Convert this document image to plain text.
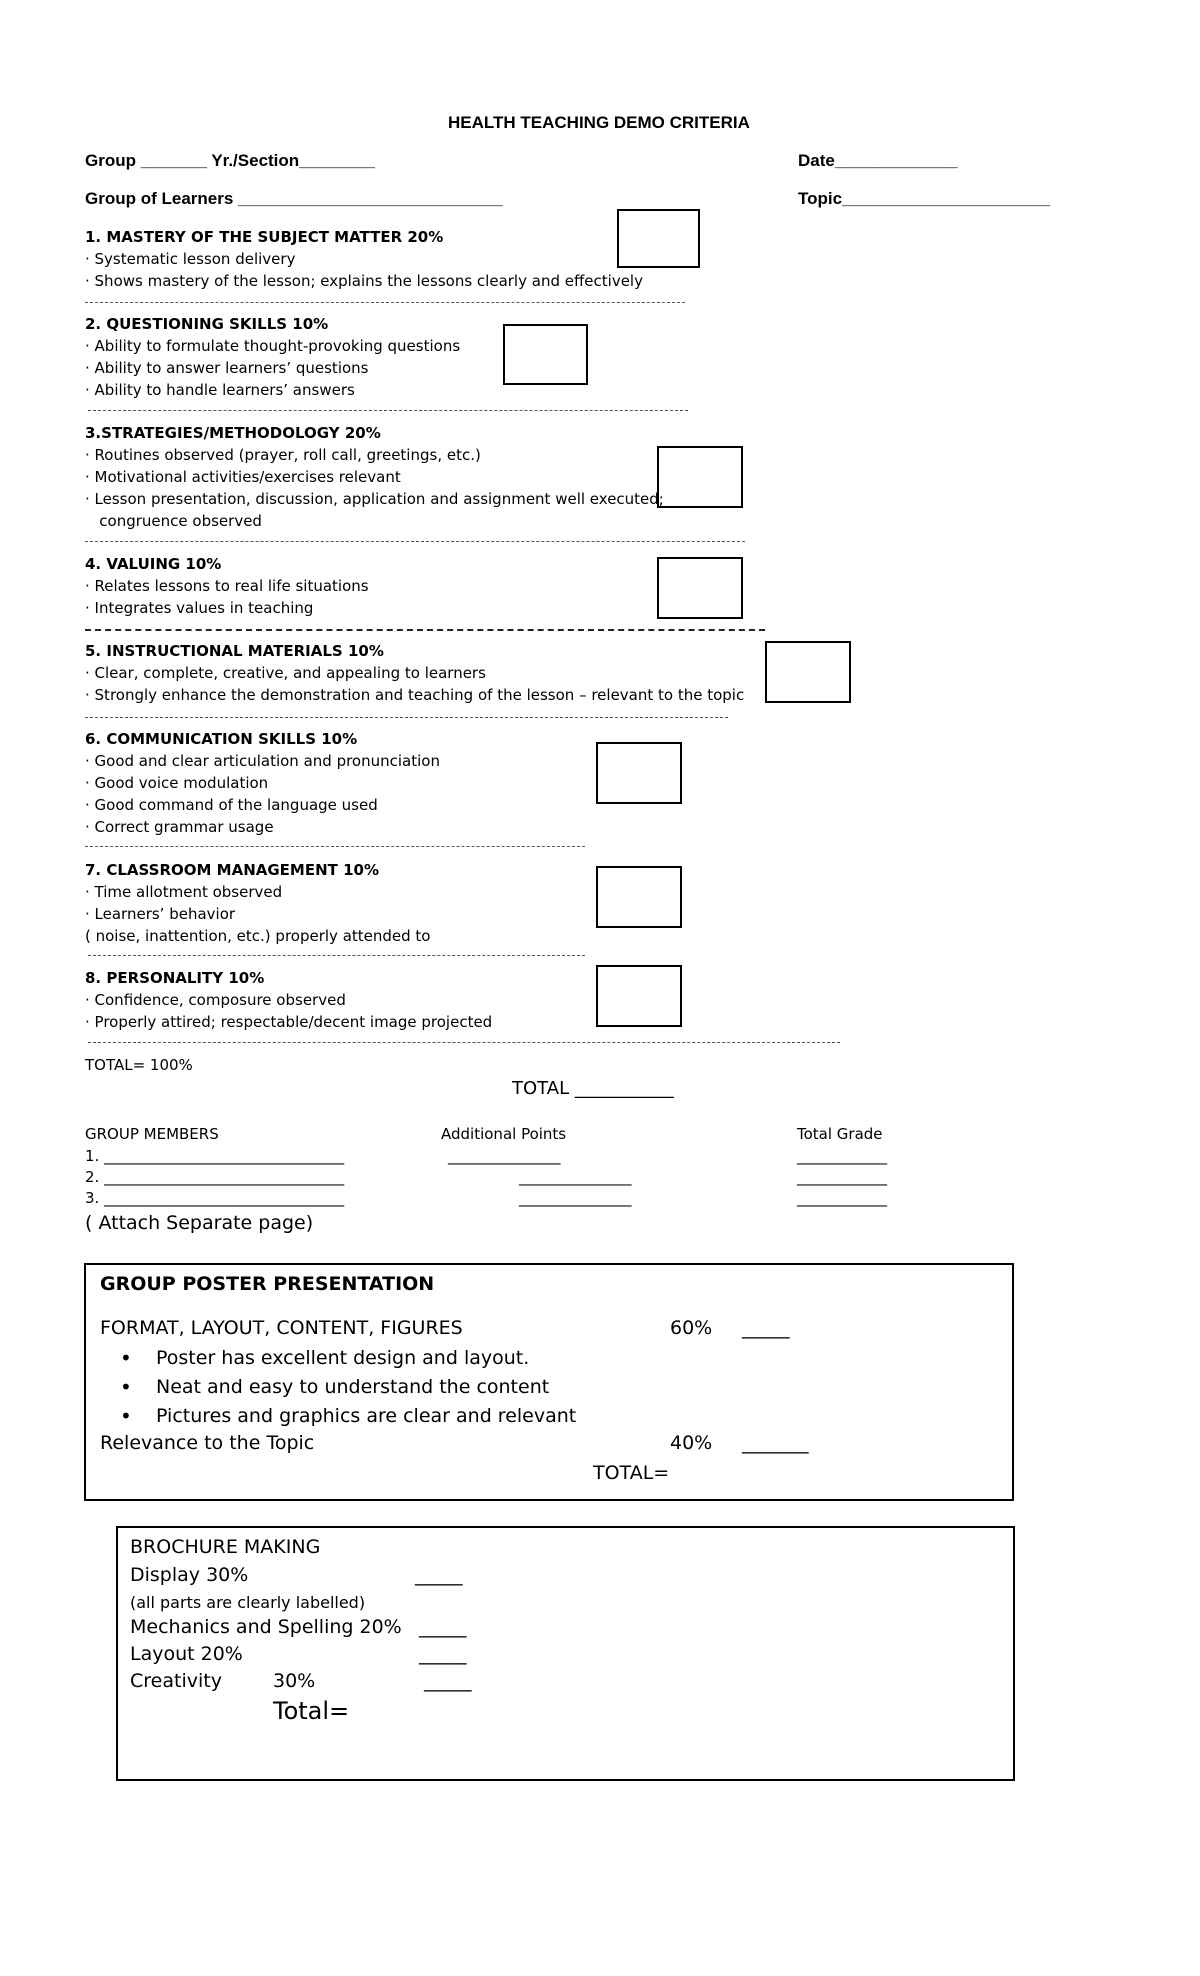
HEALTH TEACHING DEMO CRITERIA
Group _______ Yr./Section________	Date_____________
Group of Learners ____________________________	Topic______________________
1. MASTERY OF THE SUBJECT MATTER 20%
· Systematic lesson delivery
· Shows mastery of the lesson; explains the lessons clearly and effectively
2. QUESTIONING SKILLS 10%
· Ability to formulate thought-provoking questions
· Ability to answer learners’ questions
· Ability to handle learners’ answers
3.STRATEGIES/METHODOLOGY 20%
· Routines observed (prayer, roll call, greetings, etc.)
· Motivational activities/exercises relevant
· Lesson presentation, discussion, application and assignment well executed;
congruence observed
4. VALUING 10%
· Relates lessons to real life situations
· Integrates values in teaching
5. INSTRUCTIONAL MATERIALS 10%
· Clear, complete, creative, and appealing to learners
· Strongly enhance the demonstration and teaching of the lesson – relevant to the topic
6. COMMUNICATION SKILLS 10%
· Good and clear articulation and pronunciation
· Good voice modulation
· Good command of the language used
· Correct grammar usage
7. CLASSROOM MANAGEMENT 10%
· Time allotment observed
· Learners’ behavior
( noise, inattention, etc.) properly attended to
8. PERSONALITY 10%
· Confidence, composure observed
· Properly attired; respectable/decent image projected
TOTAL= 100%
TOTAL ___________
GROUP MEMBERS	Additional Points	Total Grade
1. ________________________________	_______________	____________
2. ________________________________	_______________	____________
3. ________________________________	_______________	____________
( Attach Separate page)
GROUP POSTER PRESENTATION
FORMAT, LAYOUT, CONTENT, FIGURES	60% _____
• Poster has excellent design and layout.
• Neat and easy to understand the content
• Pictures and graphics are clear and relevant
Relevance to the Topic	40% _______
TOTAL=
BROCHURE MAKING
Display 30%	_____
(all parts are clearly labelled)
Mechanics and Spelling 20% _____
Layout 20%	_____
Creativity	30%	_____
Total=
